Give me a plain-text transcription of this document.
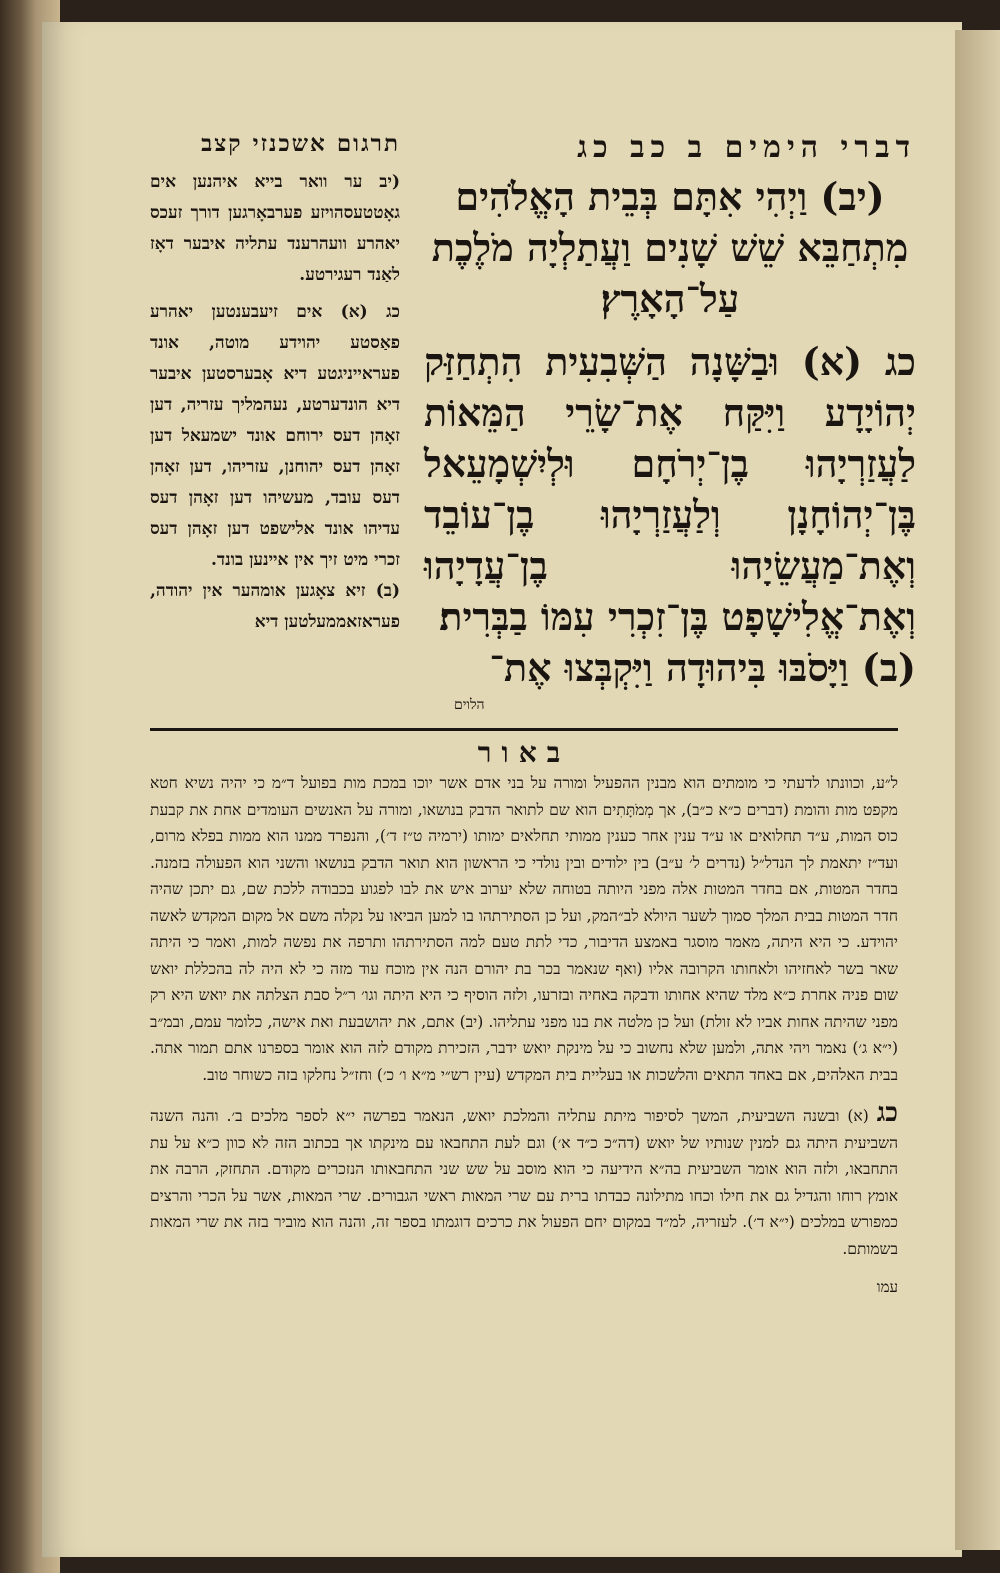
דברי הימים ב כב כג

(יב) וַיְהִי אִתָּם בְּבֵית הָאֱלֹהִים מִתְחַבֵּא שֵׁשׁ שָׁנִים וַעֲתַלְיָה מֹלֶכֶת עַל־הָאָרֶץ׃

כג (א) וּבַשָּׁנָה הַשְּׁבִעִית הִתְחַזַּק יְהוֹיָדָע וַיִּקַּח אֶת־שָׂרֵי הַמֵּאוֹת לַעֲזַרְיָהוּ בֶן־יְרֹחָם וּלְיִשְׁמָעֵאל בֶּן־יְהוֹחָנָן וְלַעֲזַרְיָהוּ בֶן־עוֹבֵד וְאֶת־מַעֲשֵׂיָהוּ בֶן־עֲדָיָהוּ וְאֶת־אֱלִישָׁפָט בֶּן־זִכְרִי עִמּוֹ בַבְּרִית׃

(ב) וַיָּסֹבּוּ בִּיהוּדָה וַיִּקְבְּצוּ אֶת־

הלוים
תרגום אשכנזי קצב

(יב ער וואר בייא איהנען אים גאָטטעסהויזע פערבאָרגען דורך זעכס יאהרע וועהרענד עתליה איבער דאָז לאַנד רעגירטע.

כג (א) אים זיעבענטען יאהרע פאַסטע יהוידע מוטה, אונד פעראייניגטע דיא אָבערסטען איבער דיא הונדערטע, נעהמליך עזריה, דען זאָהן דעס ירוחם אונד ישמעאל דען זאָהן דעס יהוחנן, עזריהו, דען זאָהן דעס עובד, מעשיהו דען זאָהן דעס עדיהו אונד אלישפט דען זאָהן דעס זכרי מיט זיך אין איינען בונד.

(ב) זיא צאָגען אומהער אין יהודה, פעראזאממעלטען דיא

באור

ל״ע, וכוונתו לדעתי כי מומתים הוא מבנין ההפעיל ומורה על בני אדם אשר יוכו במכת מות בפועל ד״מ כי יהיה נשיא חטא מקפט מות והומת (דברים כ״א כ״ב), אך מְמֹתָּתִים הוא שם לתואר הדבק בנושאו, ומורה על האנשים העומדים אחת את קבעת כוס המות, ע״ד תחלואים או ע״ד ענין אחר כענין ממותי תחלאים ימותו (ירמיה ט״ז ד׳), והנפרד ממנו הוא ממות בפלא מרום, ועד״ז יתאמת לך הנדל״ל (נדרים ל׳ ע״ב) בין ילודים ובין נולדי כי הראשון הוא תואר הדבק בנושאו והשני הוא הפעולה בזמנה. בחדר המטות, אם בחדר המטות אלה מפני היותה בטוחה שלא יערוב איש את לבו לפגוע בכבודה ללכת שם, גם יתכן שהיה חדר המטות בבית המלך סמוך לשער היולא לב״המק, ועל כן הסתירתהו בו למען הביאו על נקלה משם אל מקום המקדש לאשה יהוידע. כי היא היתה, מאמר מוסגר באמצע הדיבור, כדי לתת טעם למה הסתירתהו ותרפה את נפשה למות, ואמר כי היתה שאר בשר לאחזיהו ולאחותו הקרובה אליו (ואף שנאמר בכר בת יהורם הנה אין מוכח עוד מזה כי לא היה לה בהכללת יואש שום פניה אחרת כ״א מלד שהיא אחותו ודבקה באחיה ובזרעו, ולזה הוסיף כי היא היתה וגו׳ ר״ל סבת הצלתה את יואש היא רק מפני שהיתה אחות אביו לא זולת) ועל כן מלטה את בנו מפני עתליהו. (יב) אתם, את יהושבעת ואת אישה, כלומר עמם, ובמ״ב (י״א ג׳) נאמר ויהי אתה, ולמען שלא נחשוב כי על מינקת יואש ידבר, הזכירת מקודם לזה הוא אומר בספרנו אתם תמור אתה. בבית האלהים, אם באחד התאים והלשכות או בעליית בית המקדש (עיין רש״י מ״א ו׳ כ׳) וחז״ל נחלקו בזה כשוחר טוב.

כג (א) ובשנה השביעית, המשך לסיפור מיתת עתליה והמלכת יואש, הנאמר בפרשה י״א לספר מלכים ב׳. והנה השנה השביעית היתה גם למנין שנותיו של יואש (דה״כ כ״ד א׳) וגם לעת התחבאו עם מינקתו אך בכתוב הזה לא כוון כ״א על עת התחבאו, ולזה הוא אומר השביעית בה״א הידיעה כי הוא מוסב על שש שני התחבאותו הנזכרים מקודם. התחזק, הרבה את אומץ רוחו והגדיל גם את חילו וכחו מתילונה כבדתו ברית עם שרי המאות ראשי הגבורים. שרי המאות, אשר על הכרי והרצים כמפורש במלכים (י״א ד׳). לעזריה, למ״ד במקום יחם הפעול את כרכים דוגמתו בספר זה, והנה הוא מוביר בזה את שרי המאות בשמותם.

עמו
